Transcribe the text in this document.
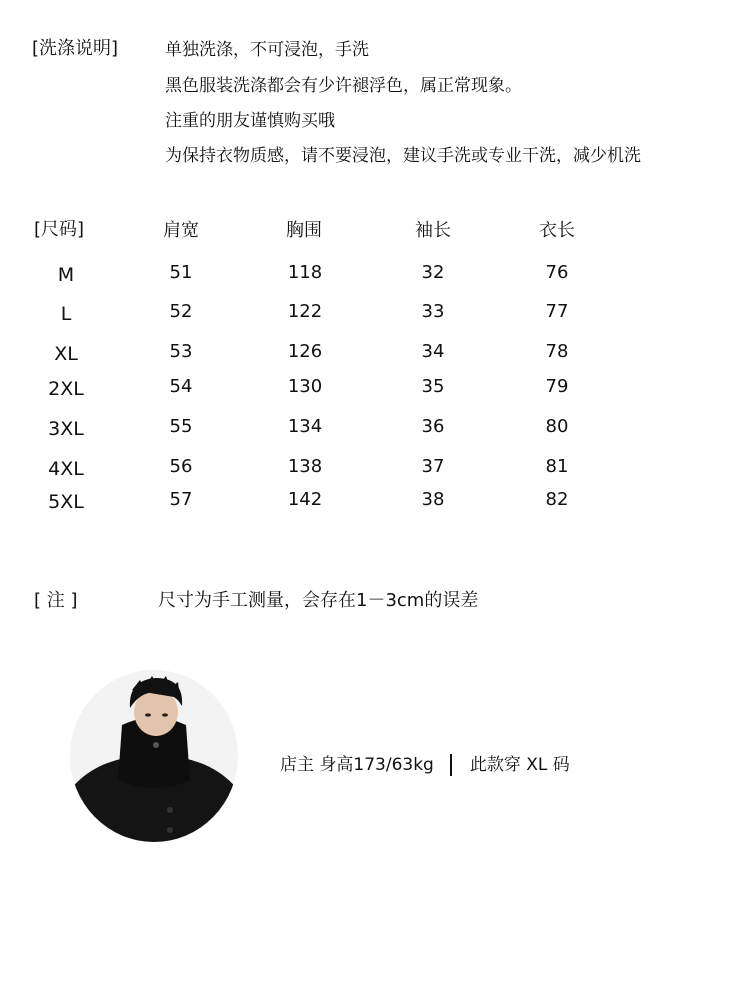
[洗涤说明]	单独洗涤，不可浸泡，手洗
黑色服装洗涤都会有少许褪浮色，属正常现象。
注重的朋友谨慎购买哦
为保持衣物质感，请不要浸泡，建议手洗或专业干洗，减少机洗
[尺码]	肩宽	胸围	袖长	衣长
M	51	118	32	76
L	52	122	33	77
XL	53	126	34	78
2XL	54	130	35	79
3XL	55	134	36	80
4XL	56	138	37	81
5XL	57	142	38	82
[ 注 ]	尺寸为手工测量，会存在1－3cm的误差
店主 身高173/63kg 此款穿 XL 码
